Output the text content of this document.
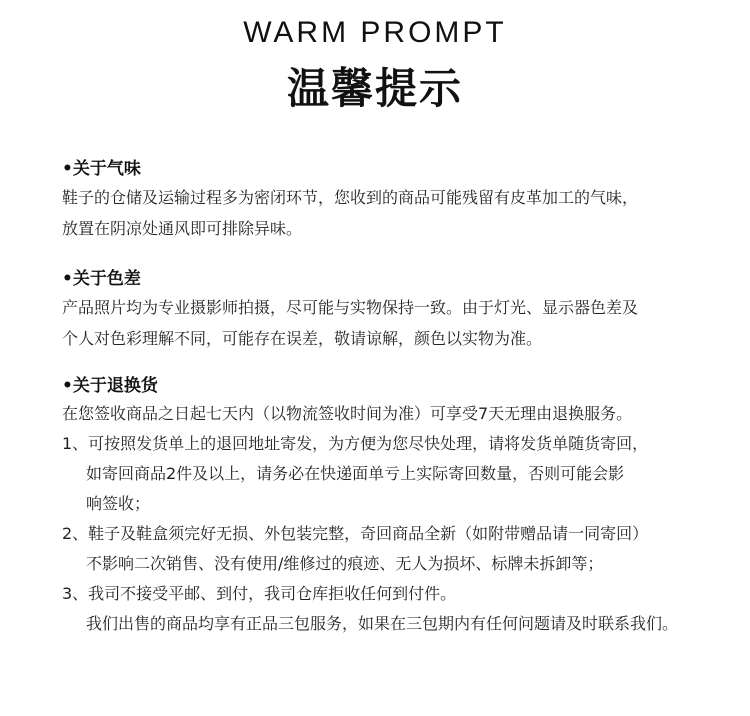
WARM PROMPT
温馨提示
•关于气味
鞋子的仓储及运输过程多为密闭环节，您收到的商品可能残留有皮革加工的气味，
放置在阴凉处通风即可排除异味。
•关于色差
产品照片均为专业摄影师拍摄，尽可能与实物保持一致。由于灯光、显示器色差及
个人对色彩理解不同，可能存在误差，敬请谅解，颜色以实物为准。
•关于退换货
在您签收商品之日起七天内（以物流签收时间为准）可享受7天无理由退换服务。
1、可按照发货单上的退回地址寄发，为方便为您尽快处理，请将发货单随货寄回，
如寄回商品2件及以上，请务必在快递面单亏上实际寄回数量，否则可能会影
响签收；
2、鞋子及鞋盒须完好无损、外包装完整，奇回商品全新（如附带赠品请一同寄回）
不影响二次销售、没有使用/维修过的痕迹、无人为损坏、标牌未拆卸等；
3、我司不接受平邮、到付，我司仓库拒收任何到付件。
我们出售的商品均享有正品三包服务，如果在三包期内有任何问题请及时联系我们。
